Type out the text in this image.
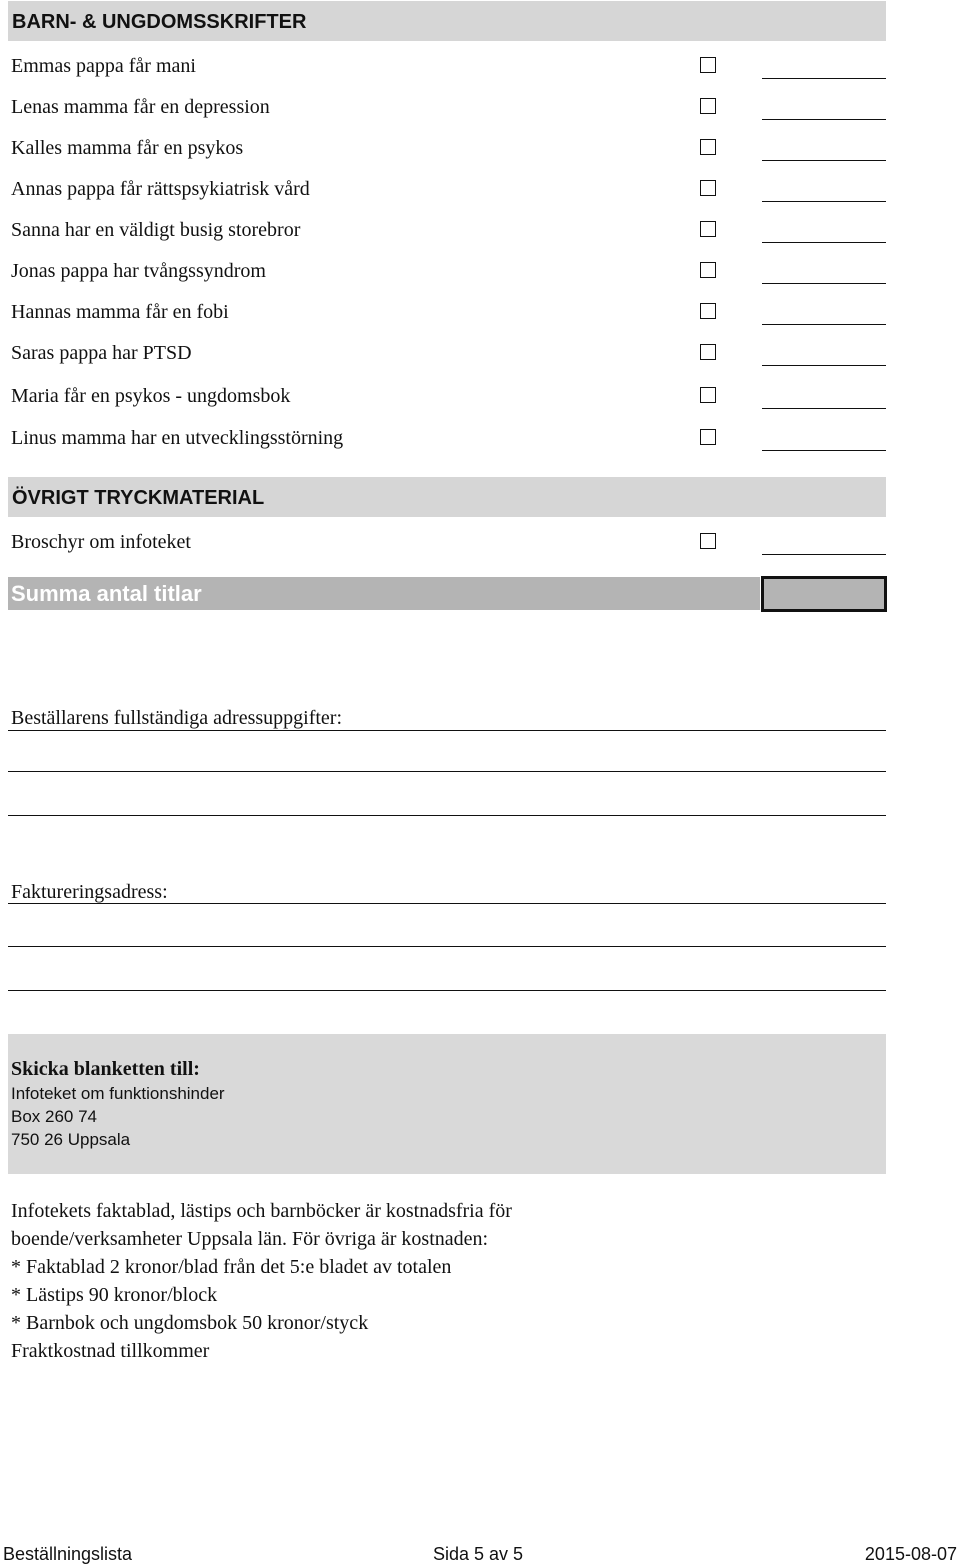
BARN- & UNGDOMSSKRIFTER
Emmas pappa får mani
Lenas mamma får en depression
Kalles mamma får en psykos
Annas pappa får rättspsykiatrisk vård
Sanna har en väldigt busig storebror
Jonas pappa har tvångssyndrom
Hannas mamma får en fobi
Saras pappa har PTSD
Maria får en psykos - ungdomsbok
Linus mamma har en utvecklingsstörning
ÖVRIGT TRYCKMATERIAL
Broschyr om infoteket
Summa antal titlar
Beställarens fullständiga adressuppgifter:
Faktureringsadress:
Skicka blanketten till:
Infoteket om funktionshinder
Box 260 74
750 26 Uppsala
Infotekets faktablad, lästips och barnböcker är kostnadsfria för
boende/verksamheter Uppsala län. För övriga är kostnaden:
* Faktablad 2 kronor/blad från det 5:e bladet av totalen
* Lästips 90 kronor/block
* Barnbok och ungdomsbok 50 kronor/styck
Fraktkostnad tillkommer
Beställningslista	Sida 5 av 5	2015-08-07
